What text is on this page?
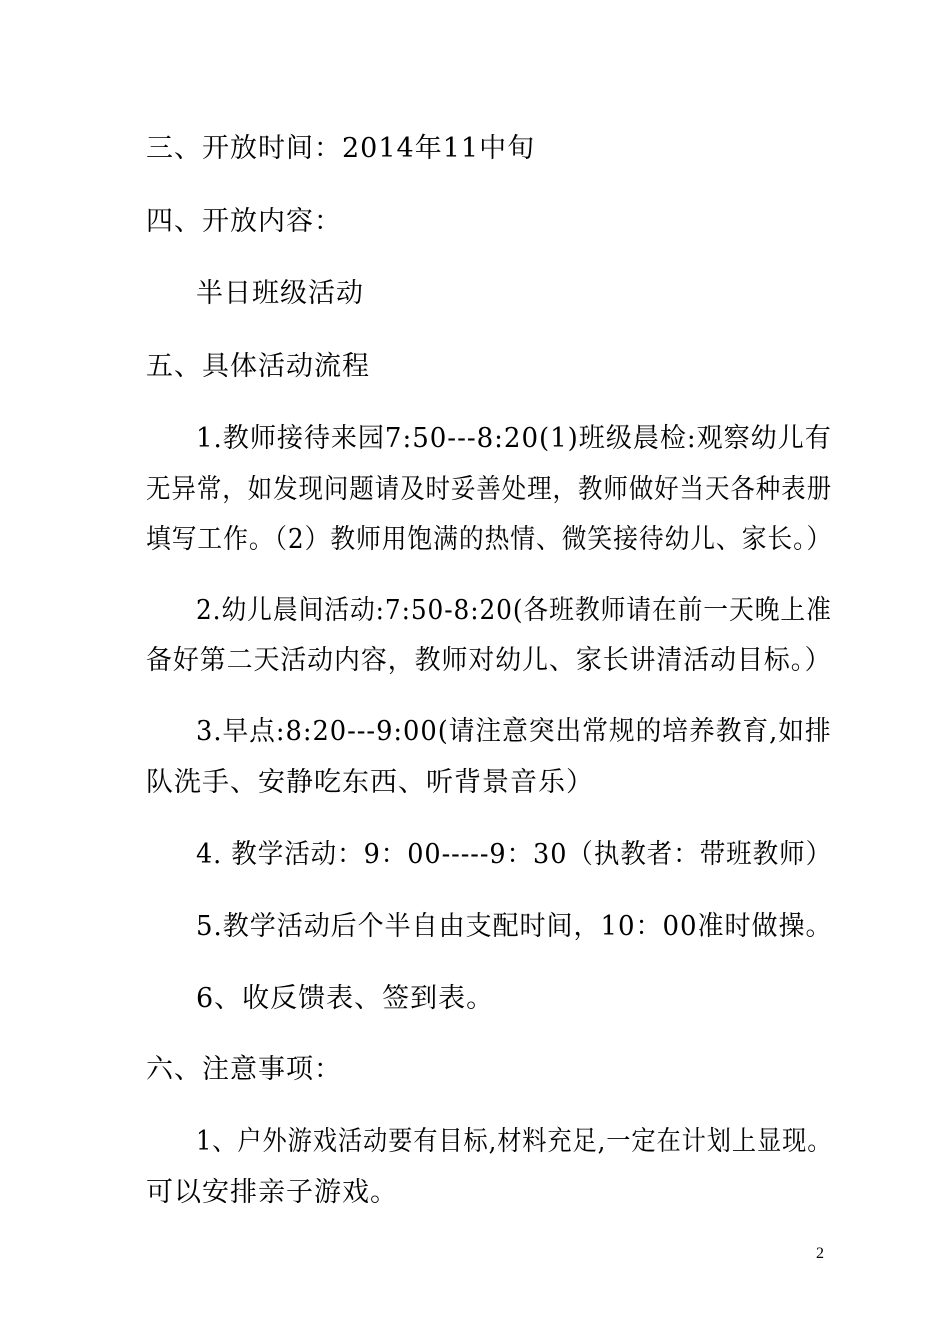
三、开放时间：2014年11中旬
四、开放内容：
半日班级活动
五、具体活动流程
1.教师接待来园7:50---8:20(1)班级晨检:观察幼儿有
无异常，如发现问题请及时妥善处理，教师做好当天各种表册
填写工作。（2）教师用饱满的热情、微笑接待幼儿、家长。）
2.幼儿晨间活动:7:50-8:20(各班教师请在前一天晚上准
备好第二天活动内容，教师对幼儿、家长讲清活动目标。）
3.早点:8:20---9:00(请注意突出常规的培养教育,如排
队洗手、安静吃东西、听背景音乐）
4. 教学活动：9：00-----9：30（执教者：带班教师）
5.教学活动后个半自由支配时间，10：00准时做操。
6、收反馈表、签到表。
六、注意事项：
1、户外游戏活动要有目标,材料充足,一定在计划上显现。
可以安排亲子游戏。
2
